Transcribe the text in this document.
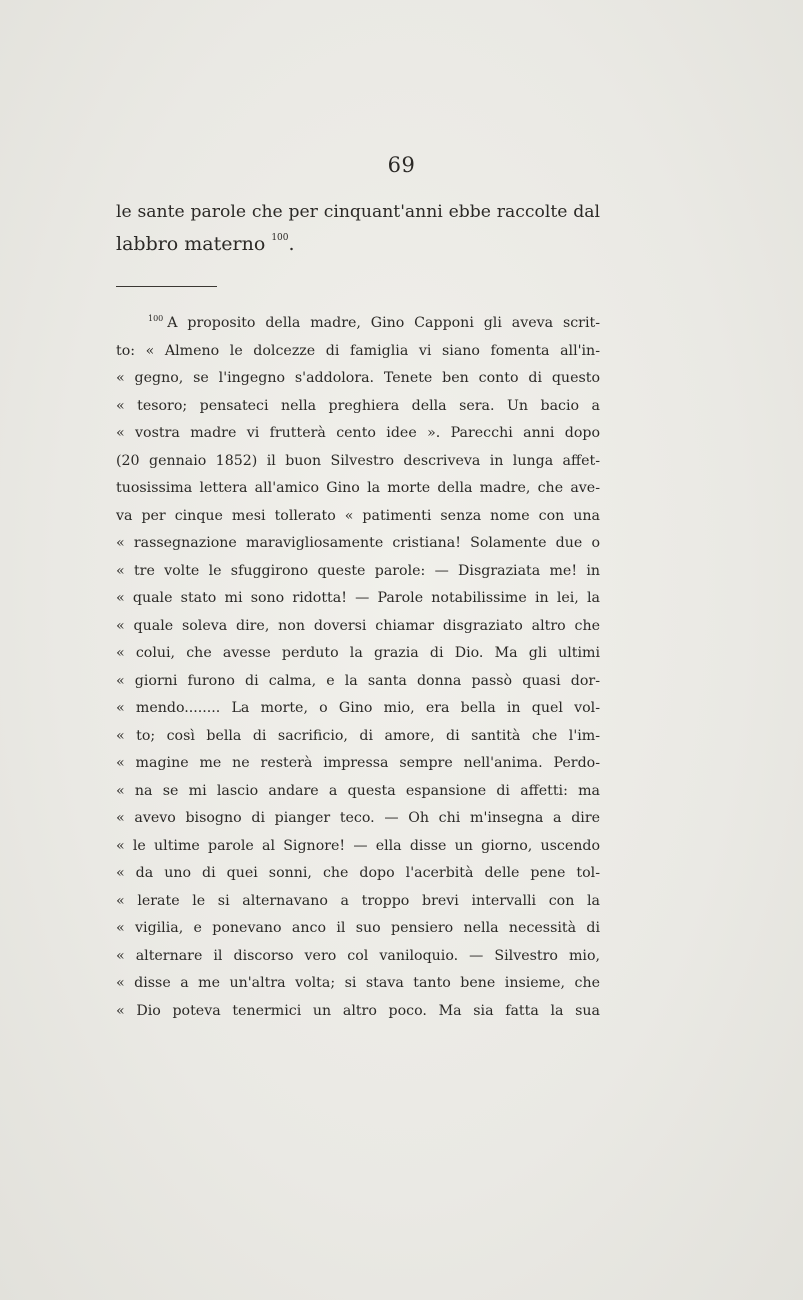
69
le sante parole che per cinquant'anni ebbe raccolte dal
labbro materno $^{100}$.
$^{100}$ A proposito della madre, Gino Capponi gli aveva scrit-
to: « Almeno le dolcezze di famiglia vi siano fomenta all'in-
« gegno, se l'ingegno s'addolora. Tenete ben conto di questo
« tesoro; pensateci nella preghiera della sera. Un bacio a
« vostra madre vi frutterà cento idee ». Parecchi anni dopo
(20 gennaio 1852) il buon Silvestro descriveva in lunga affet-
tuosissima lettera all'amico Gino la morte della madre, che ave-
va per cinque mesi tollerato « patimenti senza nome con una
« rassegnazione maravigliosamente cristiana! Solamente due o
« tre volte le sfuggirono queste parole: — Disgraziata me! in
« quale stato mi sono ridotta! — Parole notabilissime in lei, la
« quale soleva dire, non doversi chiamar disgraziato altro che
« colui, che avesse perduto la grazia di Dio. Ma gli ultimi
« giorni furono di calma, e la santa donna passò quasi dor-
« mendo........ La morte, o Gino mio, era bella in quel vol-
« to; così bella di sacrificio, di amore, di santità che l'im-
« magine me ne resterà impressa sempre nell'anima. Perdo-
« na se mi lascio andare a questa espansione di affetti: ma
« avevo bisogno di pianger teco. — Oh chi m'insegna a dire
« le ultime parole al Signore! — ella disse un giorno, uscendo
« da uno di quei sonni, che dopo l'acerbità delle pene tol-
« lerate le si alternavano a troppo brevi intervalli con la
« vigilia, e ponevano anco il suo pensiero nella necessità di
« alternare il discorso vero col vaniloquio. — Silvestro mio,
« disse a me un'altra volta; si stava tanto bene insieme, che
« Dio poteva tenermici un altro poco. Ma sia fatta la sua
